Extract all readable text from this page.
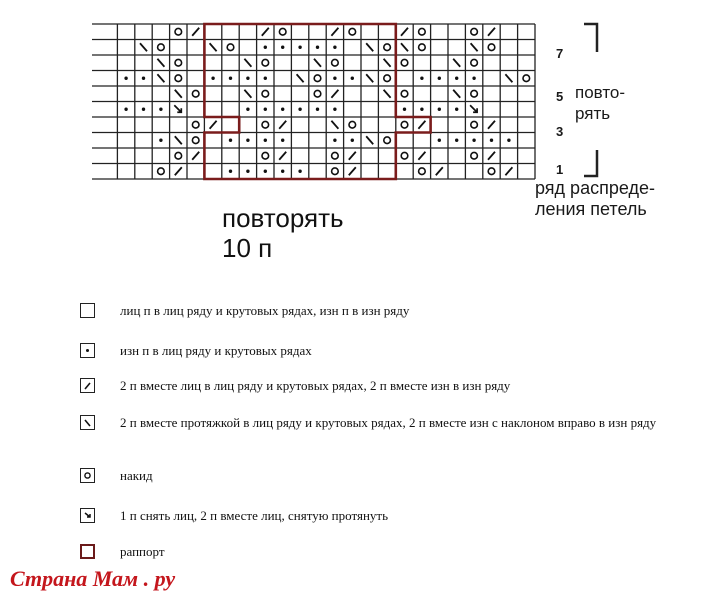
7
5
3
1
повто-
рять
ряд распреде-
ления петель
повторять
10 п
лиц п в лиц ряду и крутовых рядах, изн п в изн ряду
изн п в лиц ряду и крутовых рядах
2 п вместе лиц в лиц ряду и крутовых рядах, 2 п вместе изн в изн ряду
2 п вместе протяжкой в лиц ряду и крутовых рядах, 2 п вместе изн с наклоном вправо в изн ряду
накид
1 п снять лиц, 2 п вместе лиц, снятую протянуть
раппорт
Страна Мам . ру
